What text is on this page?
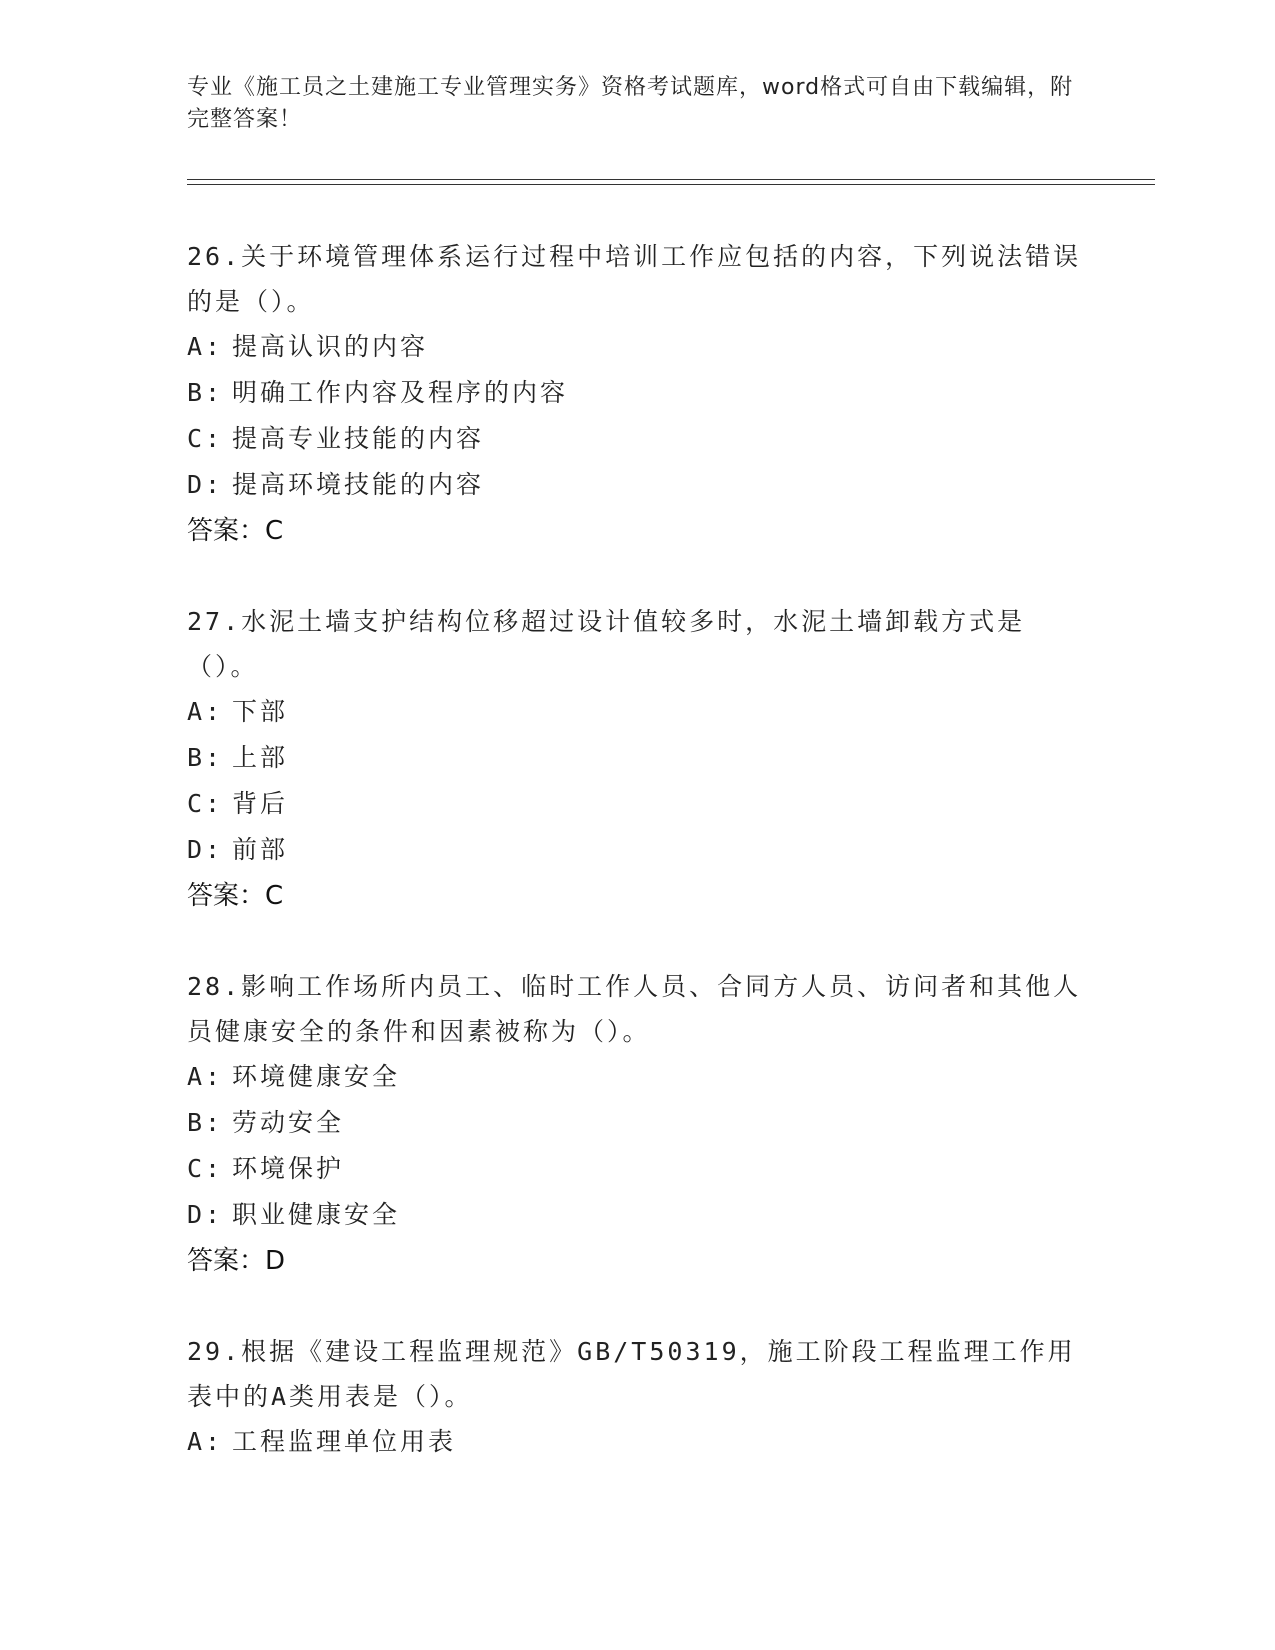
专业《施工员之土建施工专业管理实务》资格考试题库，word格式可自由下载编辑，附完整答案！

26.关于环境管理体系运行过程中培训工作应包括的内容，下列说法错误的是（）。

A: 提高认识的内容

B: 明确工作内容及程序的内容

C: 提高专业技能的内容

D: 提高环境技能的内容

答案：C

27.水泥土墙支护结构位移超过设计值较多时，水泥土墙卸载方式是（）。

A: 下部

B: 上部

C: 背后

D: 前部

答案：C

28.影响工作场所内员工、临时工作人员、合同方人员、访问者和其他人员健康安全的条件和因素被称为（）。

A: 环境健康安全

B: 劳动安全

C: 环境保护

D: 职业健康安全

答案：D

29.根据《建设工程监理规范》GB/T50319，施工阶段工程监理工作用表中的A类用表是（）。

A: 工程监理单位用表
